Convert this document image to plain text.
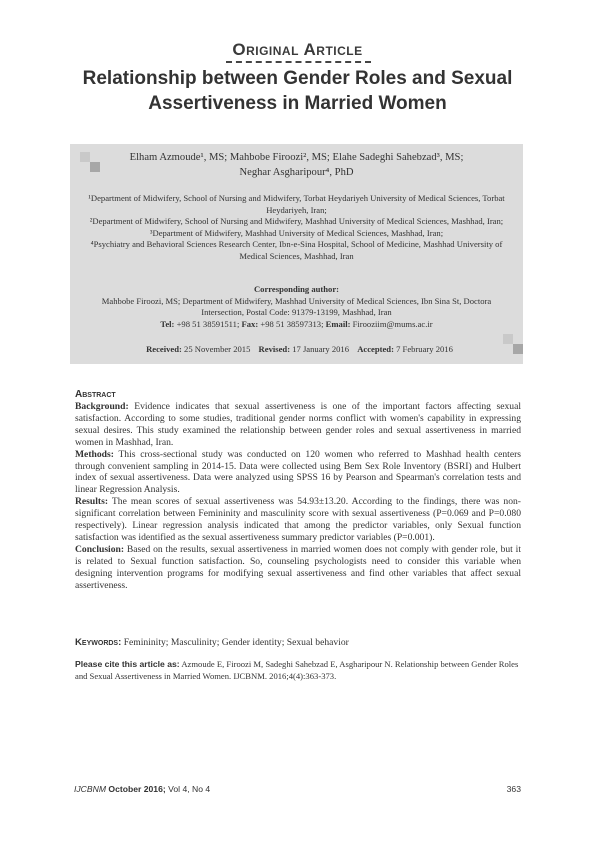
Original Article
Relationship between Gender Roles and Sexual Assertiveness in Married Women
Elham Azmoude¹, MS; Mahbobe Firoozi², MS; Elahe Sadeghi Sahebzad³, MS;
Neghar Asgharipour⁴, PhD
¹Department of Midwifery, School of Nursing and Midwifery, Torbat Heydariyeh University of Medical Sciences, Torbat Heydariyeh, Iran;
²Department of Midwifery, School of Nursing and Midwifery, Mashhad University of Medical Sciences, Mashhad, Iran;
³Department of Midwifery, Mashhad University of Medical Sciences, Mashhad, Iran;
⁴Psychiatry and Behavioral Sciences Research Center, Ibn-e-Sina Hospital, School of Medicine, Mashhad University of Medical Sciences, Mashhad, Iran
Corresponding author:
Mahbobe Firoozi, MS; Department of Midwifery, Mashhad University of Medical Sciences, Ibn Sina St, Doctora Intersection, Postal Code: 91379-13199, Mashhad, Iran
Tel: +98 51 38591511; Fax: +98 51 38597313; Email: Firooziim@mums.ac.ir
Received: 25 November 2015 Revised: 17 January 2016 Accepted: 7 February 2016
Abstract

Background: Evidence indicates that sexual assertiveness is one of the important factors affecting sexual satisfaction. According to some studies, traditional gender norms conflict with women's capability in expressing sexual desires. This study examined the relationship between gender roles and sexual assertiveness in married women in Mashhad, Iran.

Methods: This cross-sectional study was conducted on 120 women who referred to Mashhad health centers through convenient sampling in 2014-15. Data were collected using Bem Sex Role Inventory (BSRI) and Hulbert index of sexual assertiveness. Data were analyzed using SPSS 16 by Pearson and Spearman's correlation tests and linear Regression Analysis.

Results: The mean scores of sexual assertiveness was 54.93±13.20. According to the findings, there was non-significant correlation between Femininity and masculinity score with sexual assertiveness (P=0.069 and P=0.080 respectively). Linear regression analysis indicated that among the predictor variables, only Sexual function satisfaction was identified as the sexual assertiveness summary predictor variables (P=0.001).

Conclusion: Based on the results, sexual assertiveness in married women does not comply with gender role, but it is related to Sexual function satisfaction. So, counseling psychologists need to consider this variable when designing intervention programs for modifying sexual assertiveness and find other variables that affect sexual assertiveness.

Keywords: Femininity; Masculinity; Gender identity; Sexual behavior
Please cite this article as: Azmoude E, Firoozi M, Sadeghi Sahebzad E, Asgharipour N. Relationship between Gender Roles and Sexual Assertiveness in Married Women. IJCBNM. 2016;4(4):363-373.
IJCBNM October 2016; Vol 4, No 4	363
